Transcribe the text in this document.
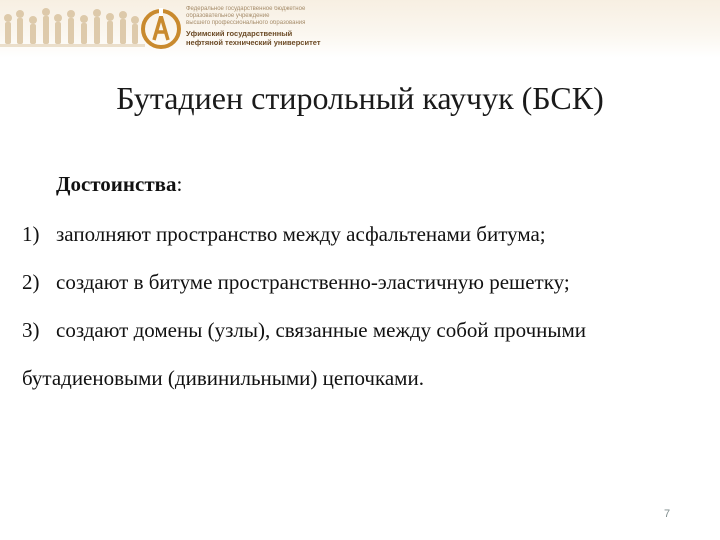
Федеральное государственное бюджетное
образовательное учреждение
высшего профессионального образования
Уфимский государственный
нефтяной технический университет
Бутадиен стирольный каучук (БСК)
Достоинства:
1) заполняют пространство между асфальтенами битума;
2) создают в битуме пространственно-эластичную решетку;
3) создают домены (узлы), связанные между собой прочными
бутадиеновыми (дивинильными) цепочками.
7
